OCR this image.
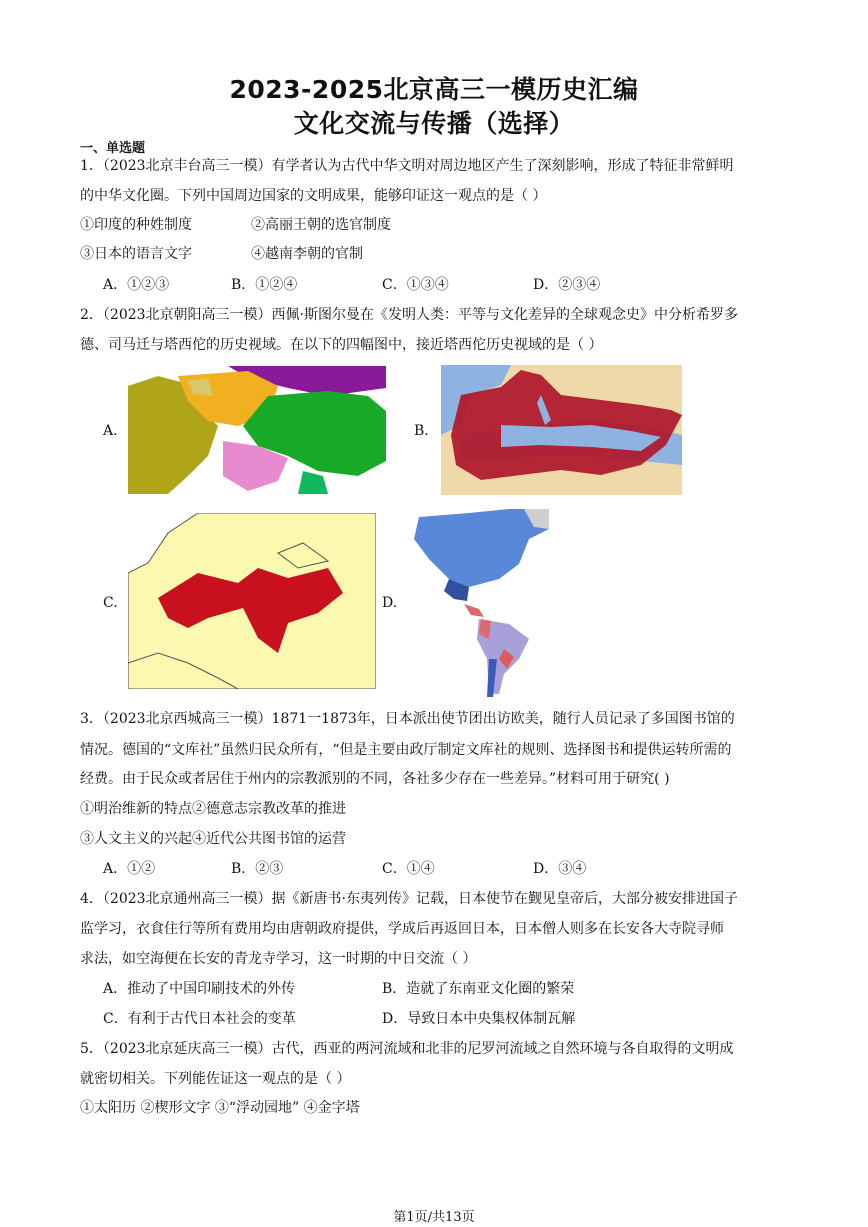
2023-2025北京高三一模历史汇编
文化交流与传播（选择）
一、单选题
1．（2023北京丰台高三一模）有学者认为古代中华文明对周边地区产生了深刻影响，形成了特征非常鲜明
的中华文化圈。下列中国周边国家的文明成果，能够印证这一观点的是（ ）
①印度的种姓制度	②高丽王朝的选官制度
③日本的语言文字	④越南李朝的官制
A．①②③	B．①②④	C．①③④	D．②③④
2．（2023北京朝阳高三一模）西佩·斯图尔曼在《发明人类：平等与文化差异的全球观念史》中分析希罗多
德、司马迁与塔西佗的历史视域。在以下的四幅图中，接近塔西佗历史视域的是（ ）
A.	B.
C.	D.
3．（2023北京西城高三一模）1871一1873年，日本派出使节团出访欧美，随行人员记录了多国图书馆的
情况。德国的“文库社”虽然归民众所有，“但是主要由政厅制定文库社的规则、选择图书和提供运转所需的
经费。由于民众或者居住于州内的宗教派别的不同，各社多少存在一些差异。”材料可用于研究( )
①明治维新的特点②德意志宗教改革的推进
③人文主义的兴起④近代公共图书馆的运营
A．①②	B．②③	C．①④	D．③④
4．（2023北京通州高三一模）据《新唐书·东夷列传》记载，日本使节在觐见皇帝后，大部分被安排进国子
监学习，衣食住行等所有费用均由唐朝政府提供，学成后再返回日本，日本僧人则多在长安各大寺院寻师
求法，如空海便在长安的青龙寺学习，这一时期的中日交流（ ）
A．推动了中国印刷技术的外传	B．造就了东南亚文化圈的繁荣
C．有利于古代日本社会的变革	D．导致日本中央集权体制瓦解
5．（2023北京延庆高三一模）古代，西亚的两河流域和北非的尼罗河流域之自然环境与各自取得的文明成
就密切相关。下列能佐证这一观点的是（ ）
①太阳历 ②楔形文字 ③“浮动园地” ④金字塔
第1页/共13页
